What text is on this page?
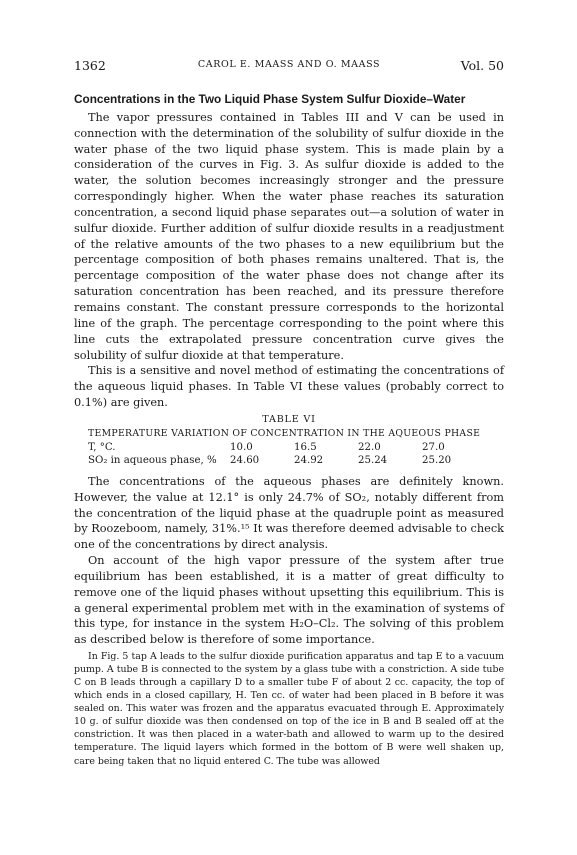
1362	CAROL E. MAASS AND O. MAASS	Vol. 50
Concentrations in the Two Liquid Phase System Sulfur Dioxide–Water

The vapor pressures contained in Tables III and V can be used in connection with the determination of the solubility of sulfur dioxide in the water phase of the two liquid phase system. This is made plain by a consideration of the curves in Fig. 3. As sulfur dioxide is added to the water, the solution becomes increasingly stronger and the pressure correspondingly higher. When the water phase reaches its saturation concentration, a second liquid phase separates out—a solution of water in sulfur dioxide. Further addition of sulfur dioxide results in a readjustment of the relative amounts of the two phases to a new equilibrium but the percentage composition of both phases remains unaltered. That is, the percentage composition of the water phase does not change after its saturation concentration has been reached, and its pressure therefore remains constant. The constant pressure corresponds to the horizontal line of the graph. The percentage corresponding to the point where this line cuts the extrapolated pressure concentration curve gives the solubility of sulfur dioxide at that temperature.

This is a sensitive and novel method of estimating the concentrations of the aqueous liquid phases. In Table VI these values (probably correct to 0.1%) are given.

TABLE VI
TEMPERATURE VARIATION OF CONCENTRATION IN THE AQUEOUS PHASE
T, °C.	10.0	16.5	22.0	27.0
SO₂ in aqueous phase, %	24.60	24.92	25.24	25.20

The concentrations of the aqueous phases are definitely known. However, the value at 12.1° is only 24.7% of SO₂, notably different from the concentration of the liquid phase at the quadruple point as measured by Roozeboom, namely, 31%.¹⁵ It was therefore deemed advisable to check one of the concentrations by direct analysis.

On account of the high vapor pressure of the system after true equilibrium has been established, it is a matter of great difficulty to remove one of the liquid phases without upsetting this equilibrium. This is a general experimental problem met with in the examination of systems of this type, for instance in the system H₂O–Cl₂. The solving of this problem as described below is therefore of some importance.

In Fig. 5 tap A leads to the sulfur dioxide purification apparatus and tap E to a vacuum pump. A tube B is connected to the system by a glass tube with a constriction. A side tube C on B leads through a capillary D to a smaller tube F of about 2 cc. capacity, the top of which ends in a closed capillary, H. Ten cc. of water had been placed in B before it was sealed on. This water was frozen and the apparatus evacuated through E. Approximately 10 g. of sulfur dioxide was then condensed on top of the ice in B and B sealed off at the constriction. It was then placed in a water-bath and allowed to warm up to the desired temperature. The liquid layers which formed in the bottom of B were well shaken up, care being taken that no liquid entered C. The tube was allowed
